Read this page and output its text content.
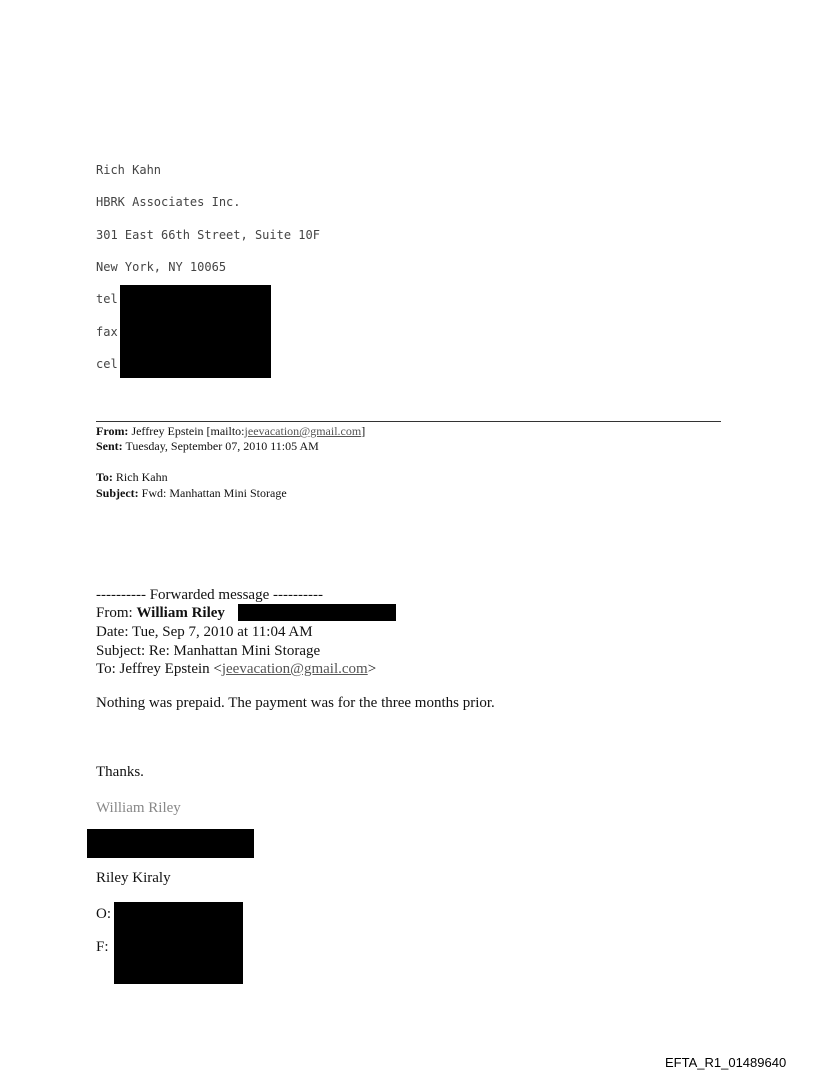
Rich Kahn
HBRK Associates Inc.
301 East 66th Street, Suite 10F
New York, NY 10065
tel
fax
cel
From: Jeffrey Epstein [mailto:jeevacation@gmail.com]
Sent: Tuesday, September 07, 2010 11:05 AM
To: Rich Kahn
Subject: Fwd: Manhattan Mini Storage
---------- Forwarded message ----------
From: William Riley
Date: Tue, Sep 7, 2010 at 11:04 AM
Subject: Re: Manhattan Mini Storage
To: Jeffrey Epstein <jeevacation@gmail.com>
Nothing was prepaid. The payment was for the three months prior.
Thanks.
William Riley
Riley Kiraly
O:
F:
EFTA_R1_01489640
